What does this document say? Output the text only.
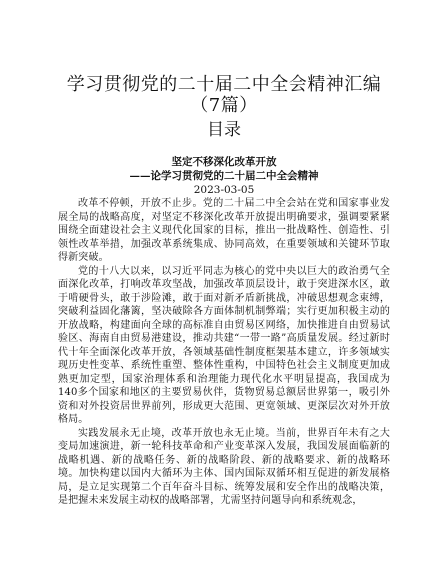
学习贯彻党的二十届二中全会精神汇编（7篇）
目录
坚定不移深化改革开放
——论学习贯彻党的二十届二中全会精神
2023-03-05

改革不停顿，开放不止步。党的二十届二中全会站在党和国家事业发展全局的战略高度，对坚定不移深化改革开放提出明确要求，强调要紧紧围绕全面建设社会主义现代化国家的目标，推出一批战略性、创造性、引领性改革举措，加强改革系统集成、协同高效，在重要领域和关键环节取得新突破。

党的十八大以来，以习近平同志为核心的党中央以巨大的政治勇气全面深化改革，打响改革攻坚战，加强改革顶层设计，敢于突进深水区，敢于啃硬骨头，敢于涉险滩，敢于面对新矛盾新挑战，冲破思想观念束缚，突破利益固化藩篱，坚决破除各方面体制机制弊端；实行更加积极主动的开放战略，构建面向全球的高标准自由贸易区网络，加快推进自由贸易试验区、海南自由贸易港建设，推动共建“一带一路”高质量发展。经过新时代十年全面深化改革开放，各领域基础性制度框架基本建立，许多领域实现历史性变革、系统性重塑、整体性重构，中国特色社会主义制度更加成熟更加定型，国家治理体系和治理能力现代化水平明显提高，我国成为140多个国家和地区的主要贸易伙伴，货物贸易总额居世界第一，吸引外资和对外投资居世界前列，形成更大范围、更宽领域、更深层次对外开放格局。

实践发展永无止境，改革开放也永无止境。当前，世界百年未有之大变局加速演进，新一轮科技革命和产业变革深入发展，我国发展面临新的战略机遇、新的战略任务、新的战略阶段、新的战略要求、新的战略环境。加快构建以国内大循环为主体、国内国际双循环相互促进的新发展格局，是立足实现第二个百年奋斗目标、统筹发展和安全作出的战略决策，是把握未来发展主动权的战略部署，尤需坚持问题导向和系统观念，
